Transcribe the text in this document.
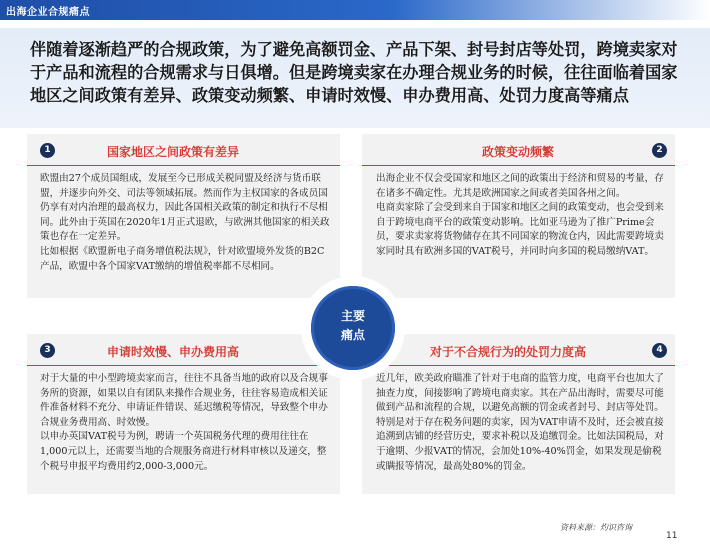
出海企业合规痛点
伴随着逐渐趋严的合规政策，为了避免高额罚金、产品下架、封号封店等处罚，跨境卖家对于产品和流程的合规需求与日俱增。但是跨境卖家在办理合规业务的时候，往往面临着国家地区之间政策有差异、政策变动频繁、申请时效慢、申办费用高、处罚力度高等痛点
1	国家地区之间政策有差异

欧盟由27个成员国组成，发展至今已形成关税同盟及经济与货币联盟，并逐步向外交、司法等领域拓展。然而作为主权国家的各成员国仍享有对内治理的最高权力，因此各国相关政策的制定和执行不尽相同。此外由于英国在2020年1月正式退欧，与欧洲其他国家的相关政策也存在一定差异。

比如根据《欧盟新电子商务增值税法规》，针对欧盟境外发货的B2C产品，欧盟中各个国家VAT缴纳的增值税率都不尽相同。

政策变动频繁	2

出海企业不仅会受国家和地区之间的政策出于经济和贸易的考量，存在诸多不确定性。尤其是欧洲国家之间或者美国各州之间。

电商卖家除了会受到来自于国家和地区之间的政策变动，也会受到来自于跨境电商平台的政策变动影响。比如亚马逊为了推广Prime会员，要求卖家将货物储存在其不同国家的物流仓内，因此需要跨境卖家同时具有欧洲多国的VAT税号，并同时向多国的税局缴纳VAT。

3	申请时效慢、申办费用高

对于大量的中小型跨境卖家而言，往往不具备当地的政府以及合规事务所的资源，如果以自有团队来操作合规业务，往往容易造成相关证件准备材料不充分、申请证件错误、延迟缴税等情况，导致整个申办合规业务费用高、时效慢。

以申办英国VAT税号为例，聘请一个英国税务代理的费用往往在1,000元以上，还需要当地的合规服务商进行材料审核以及递交，整个税号申报平均费用约2,000-3,000元。

对于不合规行为的处罚力度高	4

近几年，欧美政府瞄准了针对于电商的监管力度，电商平台也加大了抽查力度，间接影响了跨境电商卖家。其在产品出海时，需要尽可能做到产品和流程的合规，以避免高额的罚金或者封号、封店等处罚。

特别是对于存在税务问题的卖家，因为VAT申请不及时，还会被直接追溯到店铺的经营历史，要求补税以及追缴罚金。比如法国税局，对于逾期、少报VAT的情况，会加处10%-40%罚金，如果发现是偷税或瞒报等情况，最高处80%的罚金。

主要
痛点
资料来源：灼识咨询
11
